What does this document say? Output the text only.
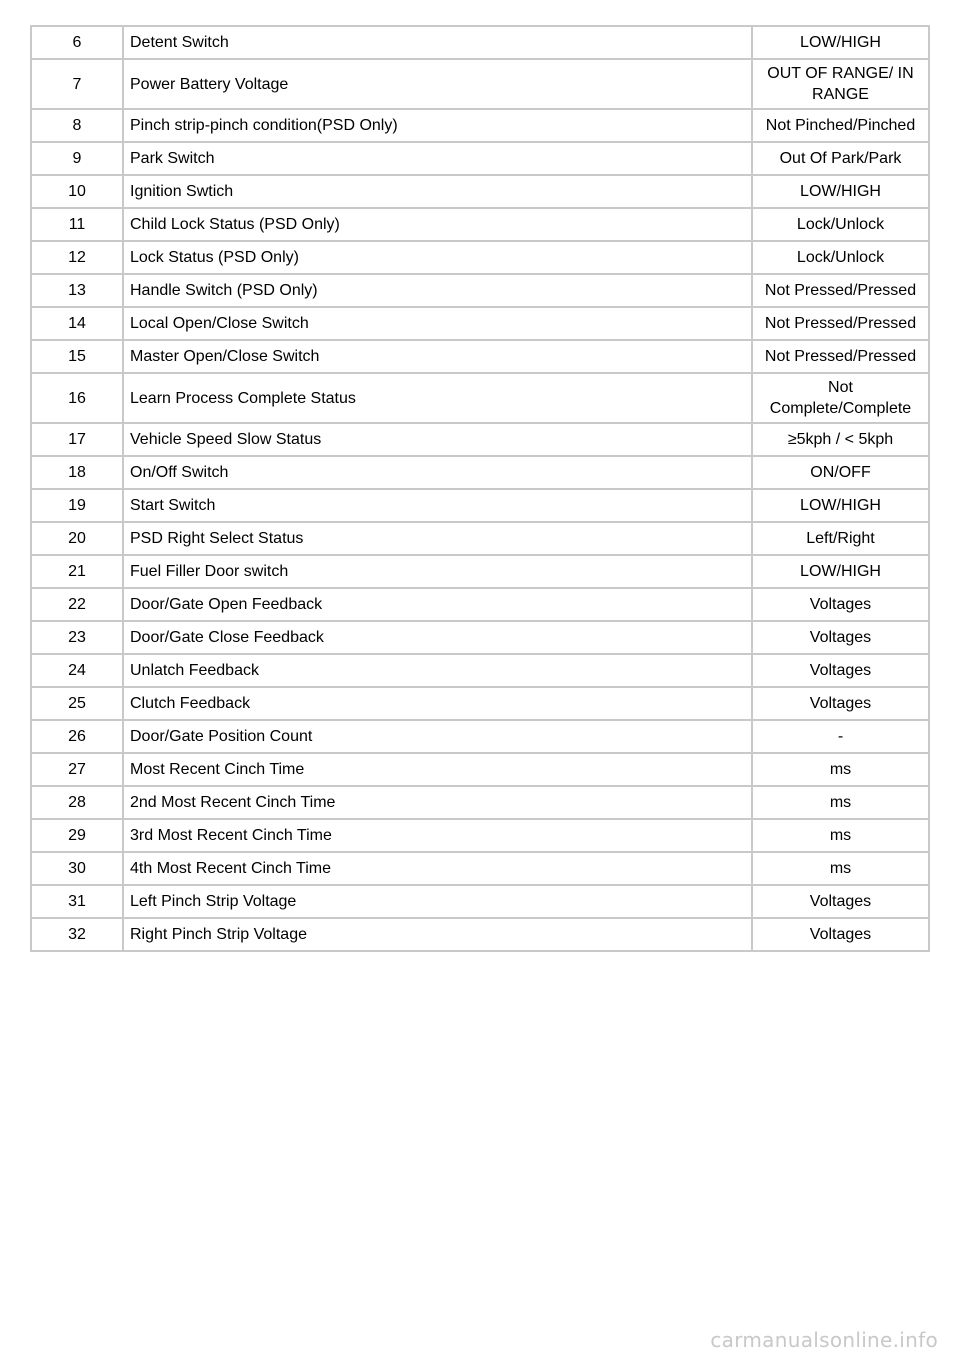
6	Detent Switch	LOW/HIGH
7	Power Battery Voltage	OUT OF RANGE/ IN RANGE
8	Pinch strip-pinch condition(PSD Only)	Not Pinched/Pinched
9	Park Switch	Out Of Park/Park
10	Ignition Swtich	LOW/HIGH
11	Child Lock Status (PSD Only)	Lock/Unlock
12	Lock Status (PSD Only)	Lock/Unlock
13	Handle Switch (PSD Only)	Not Pressed/Pressed
14	Local Open/Close Switch	Not Pressed/Pressed
15	Master Open/Close Switch	Not Pressed/Pressed
16	Learn Process Complete Status	Not Complete/Complete
17	Vehicle Speed Slow Status	≥5kph / < 5kph
18	On/Off Switch	ON/OFF
19	Start Switch	LOW/HIGH
20	PSD Right Select Status	Left/Right
21	Fuel Filler Door switch	LOW/HIGH
22	Door/Gate Open Feedback	Voltages
23	Door/Gate Close Feedback	Voltages
24	Unlatch Feedback	Voltages
25	Clutch Feedback	Voltages
26	Door/Gate Position Count	-
27	Most Recent Cinch Time	ms
28	2nd Most Recent Cinch Time	ms
29	3rd Most Recent Cinch Time	ms
30	4th Most Recent Cinch Time	ms
31	Left Pinch Strip Voltage	Voltages
32	Right Pinch Strip Voltage	Voltages
carmanualsonline.info
